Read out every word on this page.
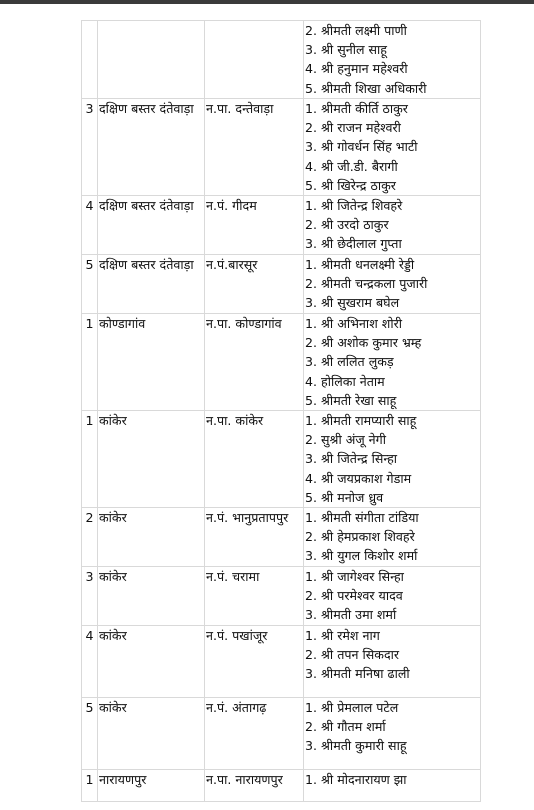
			2. श्रीमती लक्ष्मी पाणी
3. श्री सुनील साहू
4. श्री हनुमान महेश्वरी
5. श्रीमती शिखा अधिकारी

3	दक्षिण बस्तर दंतेवाड़ा	न.पा. दन्तेवाड़ा	1. श्रीमती कीर्ति ठाकुर
2. श्री राजन महेश्वरी
3. श्री गोवर्धन सिंह भाटी
4. श्री जी.डी. बैरागी
5. श्री खिरेन्द्र ठाकुर

4	दक्षिण बस्तर दंतेवाड़ा	न.पं. गीदम	1. श्री जितेन्द्र शिवहरे
2. श्री उरदो ठाकुर
3. श्री छेदीलाल गुप्ता

5	दक्षिण बस्तर दंतेवाड़ा	न.पं.बारसूर	1. श्रीमती धनलक्ष्मी रेड्डी
2. श्रीमती चन्द्रकला पुजारी
3. श्री सुखराम बघेल

1	कोण्डागांव	न.पा. कोण्डागांव	1. श्री अभिनाश शोरी
2. श्री अशोक कुमार भ्रम्ह
3. श्री ललित लुकड़
4. होलिका नेताम
5. श्रीमती रेखा साहू

1	कांकेर	न.पा. कांकेर	1. श्रीमती रामप्यारी साहू
2. सुश्री अंजू नेगी
3. श्री जितेन्द्र सिन्हा
4. श्री जयप्रकाश गेडाम
5. श्री मनोज ध्रुव

2	कांकेर	न.पं. भानुप्रतापपुर	1. श्रीमती संगीता टांडिया
2. श्री हेमप्रकाश शिवहरे
3. श्री युगल किशोर शर्मा

3	कांकेर	न.पं. चरामा	1. श्री जागेश्वर सिन्हा
2. श्री परमेश्वर यादव
3. श्रीमती उमा शर्मा

4	कांकेर	न.पं. पखांजूर	1. श्री रमेश नाग
2. श्री तपन सिकदार
3. श्रीमती मनिषा ढाली

5	कांकेर	न.पं. अंतागढ़	1. श्री प्रेमलाल पटेल
2. श्री गौतम शर्मा
3. श्रीमती कुमारी साहू

1	नारायणपुर	न.पा. नारायणपुर	1. श्री मोदनारायण झा
